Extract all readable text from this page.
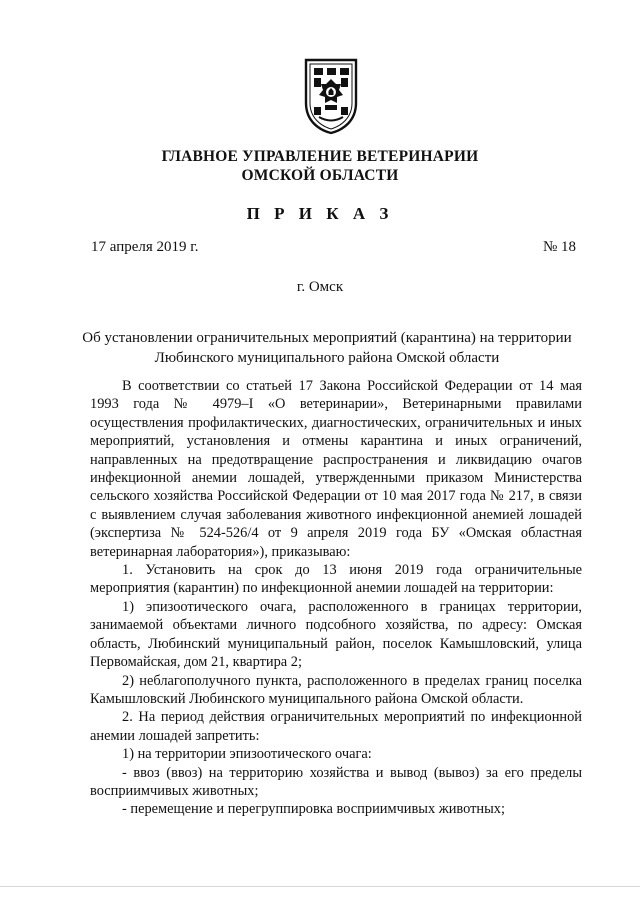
ГЛАВНОЕ УПРАВЛЕНИЕ ВЕТЕРИНАРИИ
ОМСКОЙ ОБЛАСТИ
П Р И К А З
17 апреля 2019 г.	№ 18
г. Омск
Об установлении ограничительных мероприятий (карантина) на территории Любинского муниципального района Омской области

В соответствии со статьей 17 Закона Российской Федерации от 14 мая 1993 года № 4979–I «О ветеринарии», Ветеринарными правилами осуществления профилактических, диагностических, ограничительных и иных мероприятий, установления и отмены карантина и иных ограничений, направленных на предотвращение распространения и ликвидацию очагов инфекционной анемии лошадей, утвержденными приказом Министерства сельского хозяйства Российской Федерации от 10 мая 2017 года № 217, в связи с выявлением случая заболевания животного инфекционной анемией лошадей (экспертиза № 524-526/4 от 9 апреля 2019 года БУ «Омская областная ветеринарная лаборатория»), приказываю:

1. Установить на срок до 13 июня 2019 года ограничительные мероприятия (карантин) по инфекционной анемии лошадей на территории:

1) эпизоотического очага, расположенного в границах территории, занимаемой объектами личного подсобного хозяйства, по адресу: Омская область, Любинский муниципальный район, поселок Камышловский, улица Первомайская, дом 21, квартира 2;

2) неблагополучного пункта, расположенного в пределах границ поселка Камышловский Любинского муниципального района Омской области.

2. На период действия ограничительных мероприятий по инфекционной анемии лошадей запретить:

1) на территории эпизоотического очага:

- ввоз (ввоз) на территорию хозяйства и вывод (вывоз) за его пределы восприимчивых животных;

- перемещение и перегруппировка восприимчивых животных;
